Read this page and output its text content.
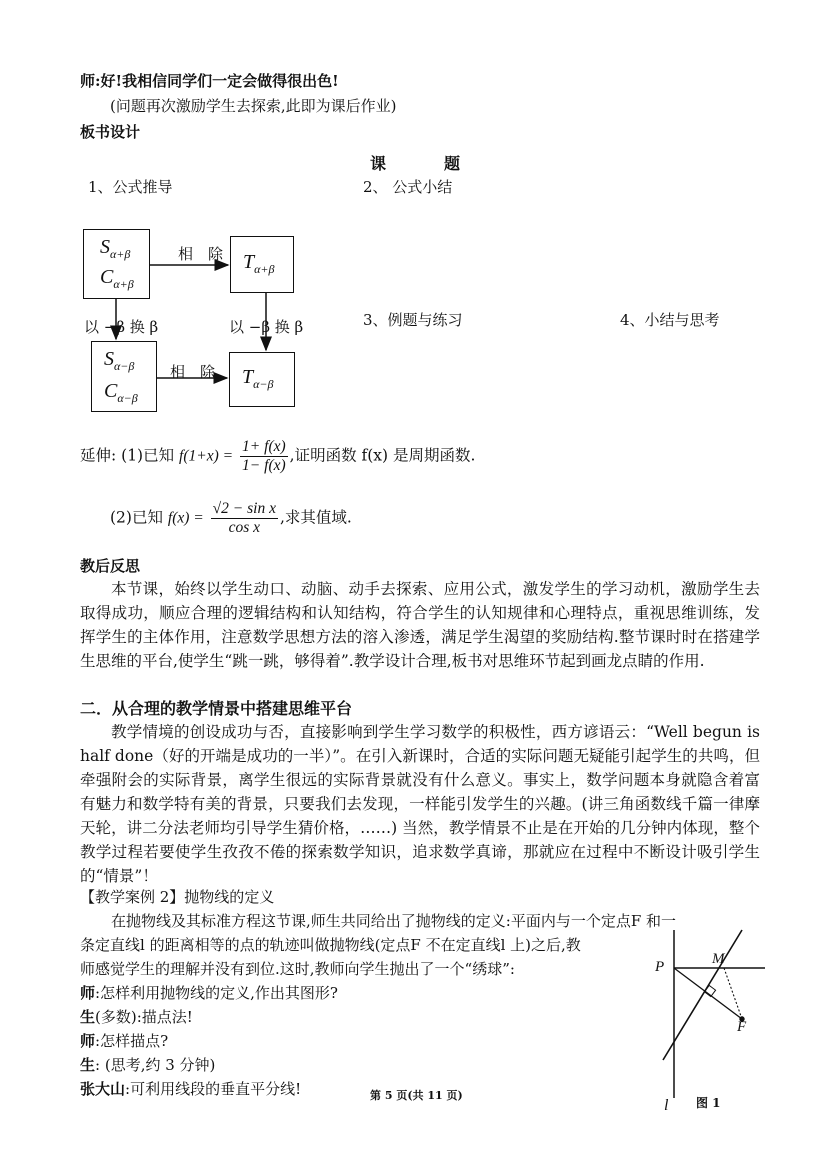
师:好!我相信同学们一定会做得很出色!
(问题再次激励学生去探索,此即为课后作业)
板书设计
课	题
1、公式推导	2、 公式小结
3、例题与练习	4、小结与思考
$S_{\alpha+\beta}$
$C_{\alpha+\beta}$
$T_{\alpha+\beta}$
$S_{\alpha-\beta}$
$C_{\alpha-\beta}$
$T_{\alpha-\beta}$
相　除
相　除
以 −β 换 β	以 −β 换 β
延伸: (1)已知 $f(1+x) = \frac{1+ f(x)}{1- f(x)}$ ,证明函数 f(x) 是周期函数.
(2)已知 $f(x) = \frac{\text{√2 − sin x}}{\text{cos x}}$ ,求其值域.
教后反思
本节课，始终以学生动口、动脑、动手去探索、应用公式，激发学生的学习动机，激励学生去取得成功，顺应合理的逻辑结构和认知结构，符合学生的认知规律和心理特点，重视思维训练，发挥学生的主体作用，注意数学思想方法的溶入渗透，满足学生渴望的奖励结构.整节课时时在搭建学生思维的平台,使学生“跳一跳，够得着”.教学设计合理,板书对思维环节起到画龙点睛的作用.
二．从合理的教学情景中搭建思维平台
教学情境的创设成功与否，直接影响到学生学习数学的积极性，西方谚语云：“Well begun is half done（好的开端是成功的一半）”。在引入新课时，合适的实际问题无疑能引起学生的共鸣，但牵强附会的实际背景，离学生很远的实际背景就没有什么意义。事实上，数学问题本身就隐含着富有魅力和数学特有美的背景，只要我们去发现，一样能引发学生的兴趣。(讲三角函数线千篇一律摩天轮，讲二分法老师均引导学生猜价格，……) 当然，教学情景不止是在开始的几分钟内体现，整个教学过程若要使学生孜孜不倦的探索数学知识，追求数学真谛，那就应在过程中不断设计吸引学生的“情景”！
【教学案例 2】抛物线的定义
在抛物线及其标准方程这节课,师生共同给出了抛物线的定义:平面内与一个定点F 和一
条定直线l 的距离相等的点的轨迹叫做抛物线(定点F 不在定直线l 上)之后,教
师感觉学生的理解并没有到位.这时,教师向学生抛出了一个“绣球”:
师:怎样利用抛物线的定义,作出其图形?
生(多数):描点法!
师:怎样描点?
生: (思考,约 3 分钟)
张大山:可利用线段的垂直平分线!
P	M
F
l 图 1
第 5 页(共 11 页)
